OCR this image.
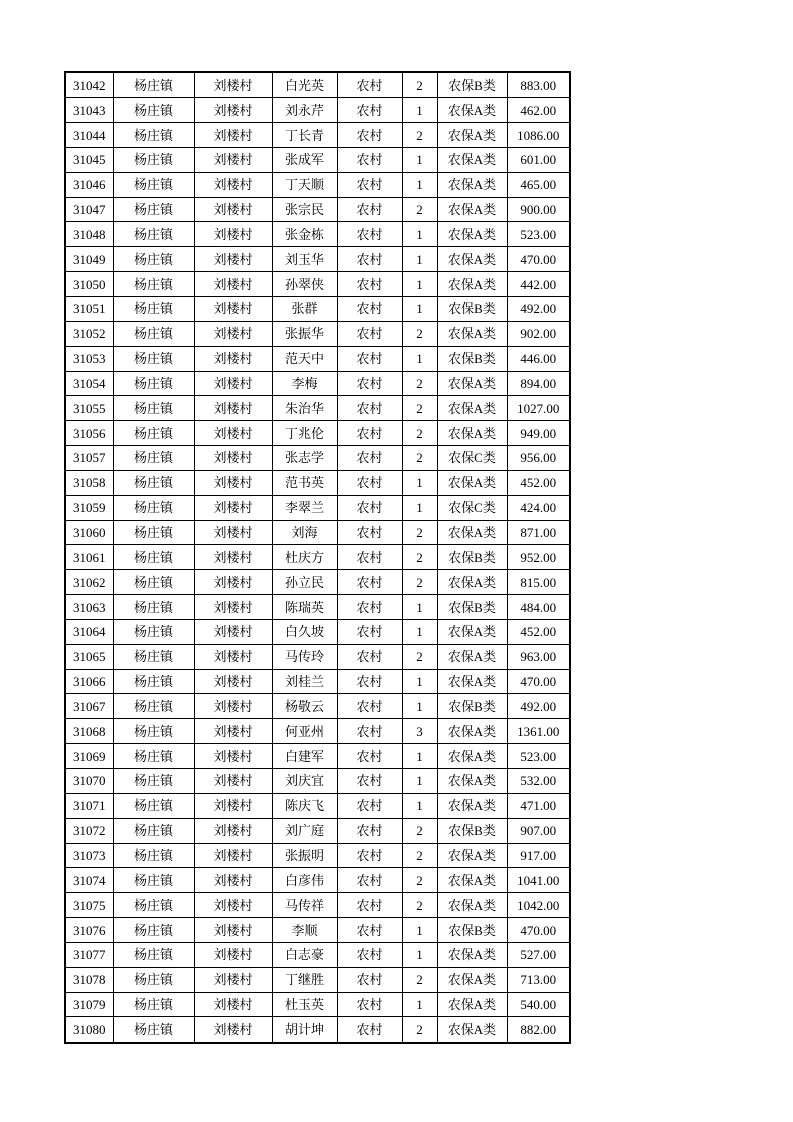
31042	杨庄镇	刘楼村	白光英	农村	2	农保B类	883.00
31043	杨庄镇	刘楼村	刘永芹	农村	1	农保A类	462.00
31044	杨庄镇	刘楼村	丁长青	农村	2	农保A类	1086.00
31045	杨庄镇	刘楼村	张成军	农村	1	农保A类	601.00
31046	杨庄镇	刘楼村	丁天顺	农村	1	农保A类	465.00
31047	杨庄镇	刘楼村	张宗民	农村	2	农保A类	900.00
31048	杨庄镇	刘楼村	张金栋	农村	1	农保A类	523.00
31049	杨庄镇	刘楼村	刘玉华	农村	1	农保A类	470.00
31050	杨庄镇	刘楼村	孙翠侠	农村	1	农保A类	442.00
31051	杨庄镇	刘楼村	张群	农村	1	农保B类	492.00
31052	杨庄镇	刘楼村	张振华	农村	2	农保A类	902.00
31053	杨庄镇	刘楼村	范天中	农村	1	农保B类	446.00
31054	杨庄镇	刘楼村	李梅	农村	2	农保A类	894.00
31055	杨庄镇	刘楼村	朱治华	农村	2	农保A类	1027.00
31056	杨庄镇	刘楼村	丁兆伦	农村	2	农保A类	949.00
31057	杨庄镇	刘楼村	张志学	农村	2	农保C类	956.00
31058	杨庄镇	刘楼村	范书英	农村	1	农保A类	452.00
31059	杨庄镇	刘楼村	李翠兰	农村	1	农保C类	424.00
31060	杨庄镇	刘楼村	刘海	农村	2	农保A类	871.00
31061	杨庄镇	刘楼村	杜庆方	农村	2	农保B类	952.00
31062	杨庄镇	刘楼村	孙立民	农村	2	农保A类	815.00
31063	杨庄镇	刘楼村	陈瑞英	农村	1	农保B类	484.00
31064	杨庄镇	刘楼村	白久坡	农村	1	农保A类	452.00
31065	杨庄镇	刘楼村	马传玲	农村	2	农保A类	963.00
31066	杨庄镇	刘楼村	刘桂兰	农村	1	农保A类	470.00
31067	杨庄镇	刘楼村	杨敬云	农村	1	农保B类	492.00
31068	杨庄镇	刘楼村	何亚州	农村	3	农保A类	1361.00
31069	杨庄镇	刘楼村	白建军	农村	1	农保A类	523.00
31070	杨庄镇	刘楼村	刘庆宜	农村	1	农保A类	532.00
31071	杨庄镇	刘楼村	陈庆飞	农村	1	农保A类	471.00
31072	杨庄镇	刘楼村	刘广庭	农村	2	农保B类	907.00
31073	杨庄镇	刘楼村	张振明	农村	2	农保A类	917.00
31074	杨庄镇	刘楼村	白彦伟	农村	2	农保A类	1041.00
31075	杨庄镇	刘楼村	马传祥	农村	2	农保A类	1042.00
31076	杨庄镇	刘楼村	李顺	农村	1	农保B类	470.00
31077	杨庄镇	刘楼村	白志豪	农村	1	农保A类	527.00
31078	杨庄镇	刘楼村	丁继胜	农村	2	农保A类	713.00
31079	杨庄镇	刘楼村	杜玉英	农村	1	农保A类	540.00
31080	杨庄镇	刘楼村	胡计坤	农村	2	农保A类	882.00
